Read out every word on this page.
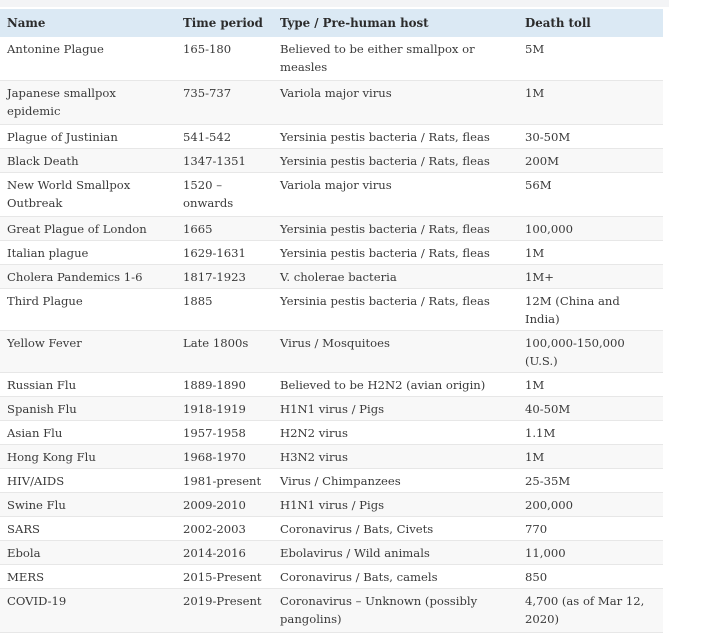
Name	Time period	Type / Pre-human host	Death toll
Antonine Plague	165-180	Believed to be either smallpox or measles	5M
Japanese smallpox epidemic	735-737	Variola major virus	1M
Plague of Justinian	541-542	Yersinia pestis bacteria / Rats, fleas	30-50M
Black Death	1347-1351	Yersinia pestis bacteria / Rats, fleas	200M
New World Smallpox Outbreak	1520 – onwards	Variola major virus	56M
Great Plague of London	1665	Yersinia pestis bacteria / Rats, fleas	100,000
Italian plague	1629-1631	Yersinia pestis bacteria / Rats, fleas	1M
Cholera Pandemics 1-6	1817-1923	V. cholerae bacteria	1M+
Third Plague	1885	Yersinia pestis bacteria / Rats, fleas	12M (China and India)
Yellow Fever	Late 1800s	Virus / Mosquitoes	100,000-150,000 (U.S.)
Russian Flu	1889-1890	Believed to be H2N2 (avian origin)	1M
Spanish Flu	1918-1919	H1N1 virus / Pigs	40-50M
Asian Flu	1957-1958	H2N2 virus	1.1M
Hong Kong Flu	1968-1970	H3N2 virus	1M
HIV/AIDS	1981-present	Virus / Chimpanzees	25-35M
Swine Flu	2009-2010	H1N1 virus / Pigs	200,000
SARS	2002-2003	Coronavirus / Bats, Civets	770
Ebola	2014-2016	Ebolavirus / Wild animals	11,000
MERS	2015-Present	Coronavirus / Bats, camels	850
COVID-19	2019-Present	Coronavirus – Unknown (possibly pangolins)	4,700 (as of Mar 12, 2020)
